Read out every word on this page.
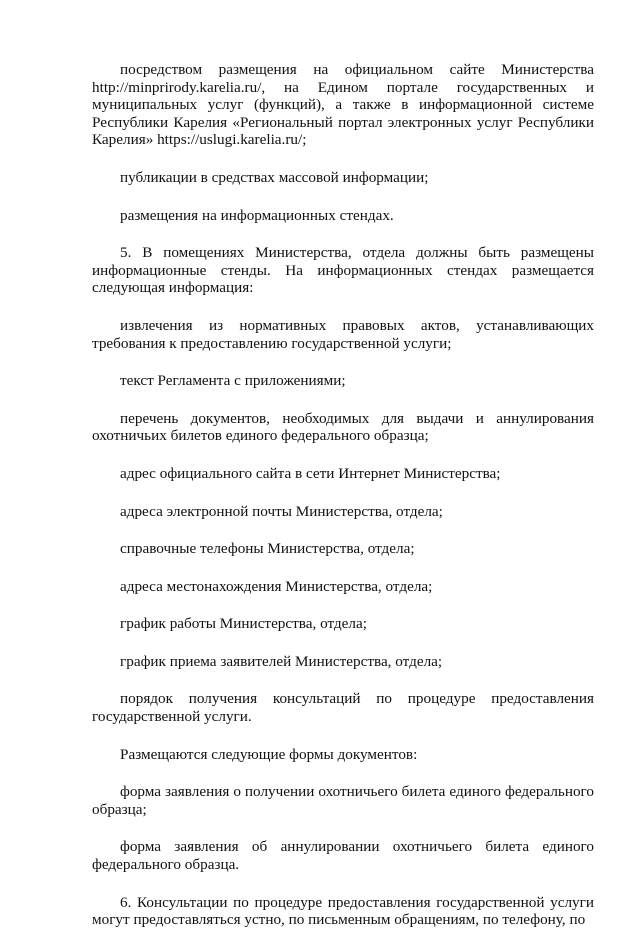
посредством размещения на официальном сайте Министерства http://minprirody.karelia.ru/, на Едином портале государственных и муниципальных услуг (функций), а также в информационной системе Республики Карелия «Региональный портал электронных услуг Республики Карелия» https://uslugi.karelia.ru/;

публикации в средствах массовой информации;

размещения на информационных стендах.

5. В помещениях Министерства, отдела должны быть размещены информационные стенды. На информационных стендах размещается следующая информация:

извлечения из нормативных правовых актов, устанавливающих требования к предоставлению государственной услуги;

текст Регламента с приложениями;

перечень документов, необходимых для выдачи и аннулирования охотничьих билетов единого федерального образца;

адрес официального сайта в сети Интернет Министерства;

адреса электронной почты Министерства, отдела;

справочные телефоны Министерства, отдела;

адреса местонахождения Министерства, отдела;

график работы Министерства, отдела;

график приема заявителей Министерства, отдела;

порядок получения консультаций по процедуре предоставления государственной услуги.

Размещаются следующие формы документов:

форма заявления о получении охотничьего билета единого федерального образца;

форма заявления об аннулировании охотничьего билета единого федерального образца.

6. Консультации по процедуре предоставления государственной услуги могут предоставляться устно, по письменным обращениям, по телефону, по
